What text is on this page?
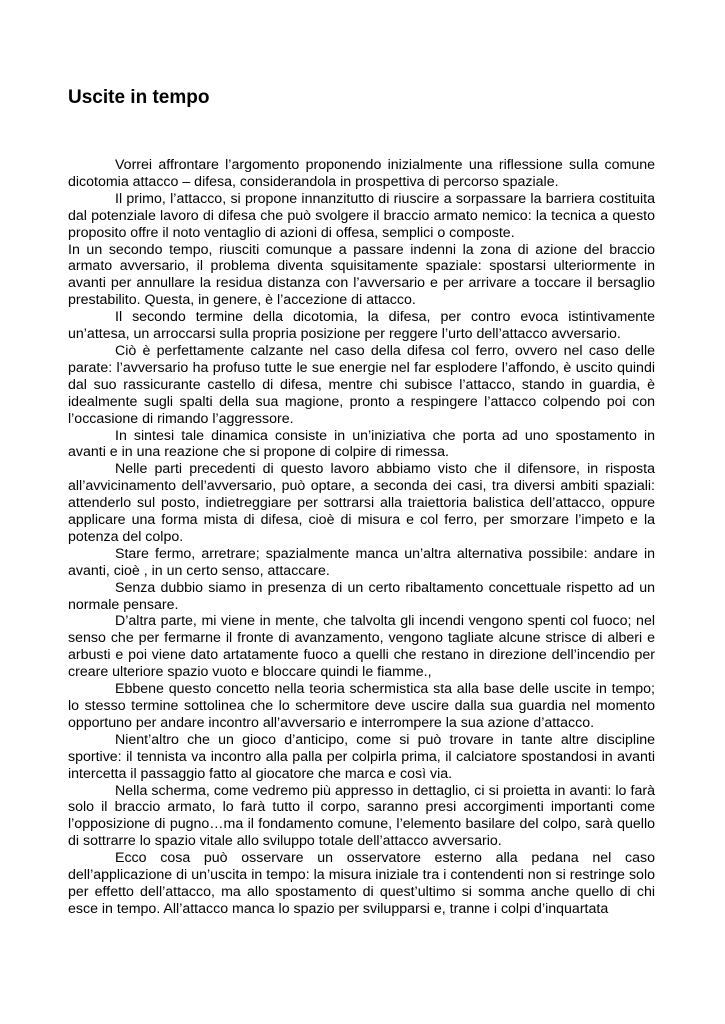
Uscite in tempo

Vorrei affrontare l’argomento proponendo inizialmente una riflessione sulla comune dicotomia attacco – difesa, considerandola in prospettiva di percorso spaziale.

Il primo, l’attacco, si propone innanzitutto di riuscire a sorpassare la barriera costituita dal potenziale lavoro di difesa che può svolgere il braccio armato nemico: la tecnica a questo proposito offre il noto ventaglio di azioni di offesa, semplici o composte.

In un secondo tempo, riusciti comunque a passare indenni la zona di azione del braccio armato avversario, il problema diventa squisitamente spaziale: spostarsi ulteriormente in avanti per annullare la residua distanza con l’avversario e per arrivare a toccare il bersaglio prestabilito. Questa, in genere, è l’accezione di attacco.

Il secondo termine della dicotomia, la difesa, per contro evoca istintivamente un’attesa, un arroccarsi sulla propria posizione per reggere l’urto dell’attacco avversario.

Ciò è perfettamente calzante nel caso della difesa col ferro, ovvero nel caso delle parate: l’avversario ha profuso tutte le sue energie nel far esplodere l’affondo, è uscito quindi dal suo rassicurante castello di difesa, mentre chi subisce l’attacco, stando in guardia, è idealmente sugli spalti della sua magione, pronto a respingere l’attacco colpendo poi con l’occasione di rimando l’aggressore.

In sintesi tale dinamica consiste in un’iniziativa che porta ad uno spostamento in avanti e in una reazione che si propone di colpire di rimessa.

Nelle parti precedenti di questo lavoro abbiamo visto che il difensore, in risposta all’avvicinamento dell’avversario, può optare, a seconda dei casi, tra diversi ambiti spaziali: attenderlo sul posto, indietreggiare per sottrarsi alla traiettoria balistica dell’attacco, oppure applicare una forma mista di difesa, cioè di misura e col ferro, per smorzare l’impeto e la potenza del colpo.

Stare fermo, arretrare; spazialmente manca un’altra alternativa possibile: andare in avanti, cioè , in un certo senso, attaccare.

Senza dubbio siamo in presenza di un certo ribaltamento concettuale rispetto ad un normale pensare.

D’altra parte, mi viene in mente, che talvolta gli incendi vengono spenti col fuoco; nel senso che per fermarne il fronte di avanzamento, vengono tagliate alcune strisce di alberi e arbusti e poi viene dato artatamente fuoco a quelli che restano in direzione dell’incendio per creare ulteriore spazio vuoto e bloccare quindi le fiamme.,

Ebbene questo concetto nella teoria schermistica sta alla base delle uscite in tempo; lo stesso termine sottolinea che lo schermitore deve uscire dalla sua guardia nel momento opportuno per andare incontro all’avversario e interrompere la sua azione d’attacco.

Nient’altro che un gioco d’anticipo, come si può trovare in tante altre discipline sportive: il tennista va incontro alla palla per colpirla prima, il calciatore spostandosi in avanti intercetta il passaggio fatto al giocatore che marca e così via.

Nella scherma, come vedremo più appresso in dettaglio, ci si proietta in avanti: lo farà solo il braccio armato, lo farà tutto il corpo, saranno presi accorgimenti importanti come l’opposizione di pugno…ma il fondamento comune, l’elemento basilare del colpo, sarà quello di sottrarre lo spazio vitale allo sviluppo totale dell’attacco avversario.

Ecco cosa può osservare un osservatore esterno alla pedana nel caso dell’applicazione di un’uscita in tempo: la misura iniziale tra i contendenti non si restringe solo per effetto dell’attacco, ma allo spostamento di quest’ultimo si somma anche quello di chi esce in tempo. All’attacco manca lo spazio per svilupparsi e, tranne i colpi d’inquartata
